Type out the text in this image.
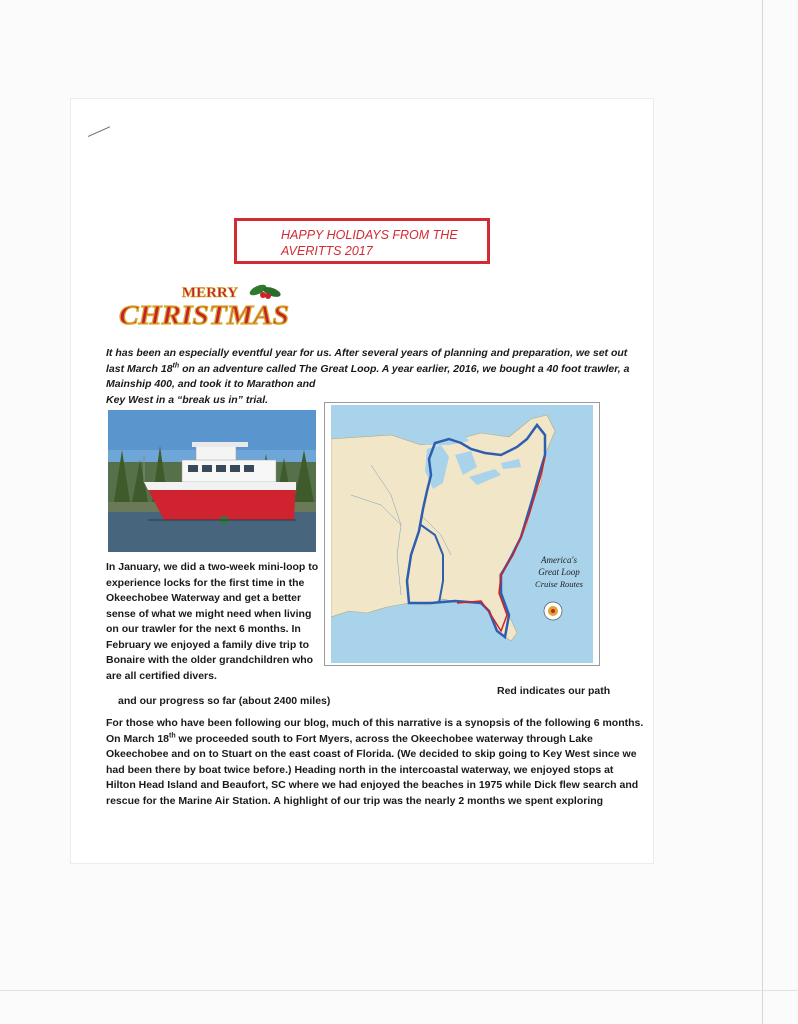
HAPPY HOLIDAYS FROM THE
AVERITTS 2017
MERRY
CHRISTMAS
It has been an especially eventful year for us. After several years of planning and preparation, we set out
last March 18th on an adventure called The Great Loop. A year earlier, 2016, we bought a 40 foot trawler, a
Mainship 400, and took it to Marathon and
Key West in a “break us in” trial.
In January, we did a two-week mini-loop to
experience locks for the first time in the
Okeechobee Waterway and get a better
sense of what we might need when living
on our trawler for the next 6 months. In
February we enjoyed a family dive trip to
Bonaire with the older grandchildren who
are all certified divers.
America's
Great Loop
Cruise Routes
Red indicates our path
and our progress so far (about 2400 miles)
For those who have been following our blog, much of this narrative is a synopsis of the following 6 months.
On March 18th we proceeded south to Fort Myers, across the Okeechobee waterway through Lake
Okeechobee and on to Stuart on the east coast of Florida. (We decided to skip going to Key West since we
had been there by boat twice before.) Heading north in the intercoastal waterway, we enjoyed stops at
Hilton Head Island and Beaufort, SC where we had enjoyed the beaches in 1975 while Dick flew search and
rescue for the Marine Air Station. A highlight of our trip was the nearly 2 months we spent exploring
